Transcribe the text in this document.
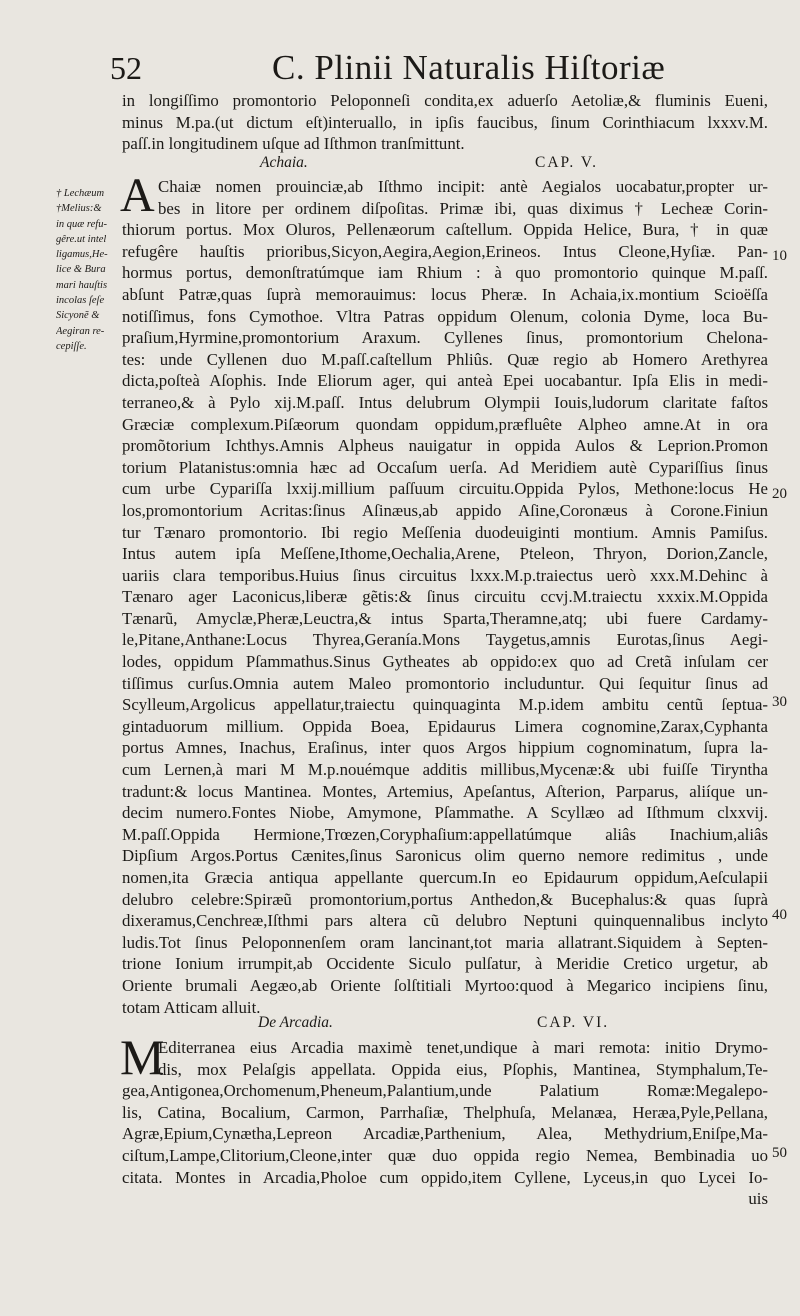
52	C. Plinii Naturalis Hiſtoriæ
in longiſſimo promontorio Peloponneſi condita,ex aduerſo Aetoliæ,& fluminis Eueni,
minus M.pa.(ut dictum eſt)interuallo, in ipſis faucibus, ſinum Corinthiacum lxxxv.M.
paſſ.in longitudinem uſque ad Iſthmon tranſmittunt.
Achaia.	CAP. V.
A Chaiæ nomen prouinciæ,ab Iſthmo incipit: antè Aegialos uocabatur,propter ur-
bes in litore per ordinem diſpoſitas. Primæ ibi, quas diximus † Lecheæ Corin-
thiorum portus. Mox Oluros, Pellenæorum caſtellum. Oppida Helice, Bura, † in quæ
refugêre hauſtis prioribus,Sicyon,Aegira,Aegion,Erineos. Intus Cleone,Hyſiæ. Pan-
hormus portus, demonſtratúmque iam Rhium : à quo promontorio quinque M.paſſ.
abſunt Patræ,quas ſuprà memorauimus: locus Pheræ. In Achaia,ix.montium Scioëſſa
notiſſimus, fons Cymothoe. Vltra Patras oppidum Olenum, colonia Dyme, loca Bu-
praſium,Hyrmine,promontorium Araxum. Cyllenes ſinus, promontorium Chelona-
tes: unde Cyllenen duo M.paſſ.caſtellum Phliûs. Quæ regio ab Homero Arethyrea
dicta,poſteà Aſophis. Inde Eliorum ager, qui anteà Epei uocabantur. Ipſa Elis in medi-
terraneo,& à Pylo xij.M.paſſ. Intus delubrum Olympii Iouis,ludorum claritate faſtos
Græciæ complexum.Piſæorum quondam oppidum,præfluête Alpheo amne.At in ora
promõtorium Ichthys.Amnis Alpheus nauigatur in oppida Aulos & Leprion.Promon
torium Platanistus:omnia hæc ad Occaſum uerſa. Ad Meridiem autè Cypariſſius ſinus
cum urbe Cypariſſa lxxij.millium paſſuum circuitu.Oppida Pylos, Methone:locus He
los,promontorium Acritas:ſinus Aſinæus,ab appido Aſine,Coronæus à Corone.Finiun
tur Tænaro promontorio. Ibi regio Meſſenia duodeuiginti montium. Amnis Pamiſus.
Intus autem ipſa Meſſene,Ithome,Oechalia,Arene, Pteleon, Thryon, Dorion,Zancle,
uariis clara temporibus.Huius ſinus circuitus lxxx.M.p.traiectus uerò xxx.M.Dehinc à
Tænaro ager Laconicus,liberæ gẽtis:& ſinus circuitu ccvj.M.traiectu xxxix.M.Oppida
Tænarũ, Amyclæ,Pheræ,Leuctra,& intus Sparta,Theramne,atq; ubi fuere Cardamy-
le,Pitane,Anthane:Locus Thyrea,Geranía.Mons Taygetus,amnis Eurotas,ſinus Aegi-
lodes, oppidum Pſammathus.Sinus Gytheates ab oppido:ex quo ad Cretã inſulam cer
tiſſimus curſus.Omnia autem Maleo promontorio includuntur. Qui ſequitur ſinus ad
Scylleum,Argolicus appellatur,traiectu quinquaginta M.p.idem ambitu centũ ſeptua-
gintaduorum millium. Oppida Boea, Epidaurus Limera cognomine,Zarax,Cyphanta
portus Amnes, Inachus, Eraſinus, inter quos Argos hippium cognominatum, ſupra la-
cum Lernen,à mari M M.p.nouémque additis millibus,Mycenæ:& ubi fuiſſe Tiryntha
tradunt:& locus Mantinea. Montes, Artemius, Apeſantus, Aſterion, Parparus, aliíque un-
decim numero.Fontes Niobe, Amymone, Pſammathe. A Scyllæo ad Iſthmum clxxvij.
M.paſſ.Oppida Hermione,Trœzen,Coryphaſium:appellatúmque aliâs Inachium,aliâs
Dipſium Argos.Portus Cænites,ſinus Saronicus olim querno nemore redimitus , unde
nomen,ita Græcia antiqua appellante quercum.In eo Epidaurum oppidum,Aeſculapii
delubro celebre:Spiræũ promontorium,portus Anthedon,& Bucephalus:& quas ſuprà
dixeramus,Cenchreæ,Iſthmi pars altera cũ delubro Neptuni quinquennalibus inclyto
ludis.Tot ſinus Peloponnenſem oram lancinant,tot maria allatrant.Siquidem à Septen-
trione Ionium irrumpit,ab Occidente Siculo pulſatur, à Meridie Cretico urgetur, ab
Oriente brumali Aegæo,ab Oriente ſolſtitiali Myrtoo:quod à Megarico incipiens ſinu,
totam Atticam alluit.
† Lechæum
†Melius:&
in quæ refu-
gêre.ut intel
ligamus,He-
lice & Bura
mari hauſtis
incolas ſeſe
Sicyonẽ &
Aegiran re-
cepiſſe.
De Arcadia.	CAP. VI.
M
Editerranea eius Arcadia maximè tenet,undique à mari remota: initio Drymo-
dis, mox Pelaſgis appellata. Oppida eius, Pſophis, Mantinea, Stymphalum,Te-
gea,Antigonea,Orchomenum,Pheneum,Palantium,unde Palatium Romæ:Megalepo-
lis, Catina, Bocalium, Carmon, Parrhaſiæ, Thelphuſa, Melanæa, Heræa,Pyle,Pellana,
Agræ,Epium,Cynætha,Lepreon Arcadiæ,Parthenium, Alea, Methydrium,Eniſpe,Ma-
ciſtum,Lampe,Clitorium,Cleone,inter quæ duo oppida regio Nemea, Bembinadia uo
citata. Montes in Arcadia,Pholoe cum oppido,item Cyllene, Lyceus,in quo Lycei Io-
uis
10
20
30
40
50
